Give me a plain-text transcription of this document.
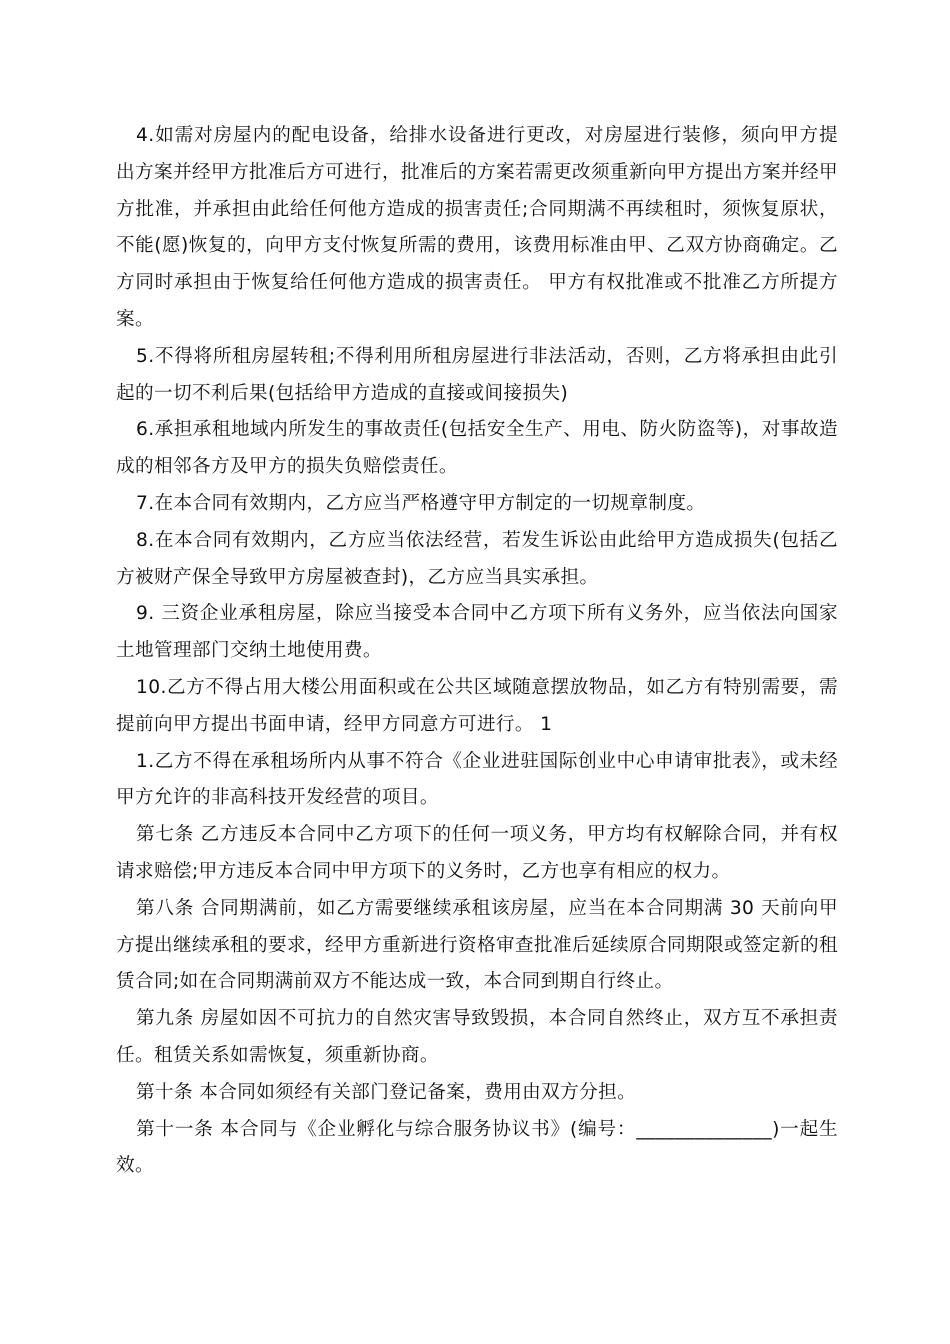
4.如需对房屋内的配电设备，给排水设备进行更改，对房屋进行装修，须向甲方提出方案并经甲方批准后方可进行，批准后的方案若需更改须重新向甲方提出方案并经甲方批准，并承担由此给任何他方造成的损害责任;合同期满不再续租时，须恢复原状，不能(愿)恢复的，向甲方支付恢复所需的费用，该费用标准由甲、乙双方协商确定。乙方同时承担由于恢复给任何他方造成的损害责任。 甲方有权批准或不批准乙方所提方案。

5.不得将所租房屋转租;不得利用所租房屋进行非法活动，否则，乙方将承担由此引起的一切不利后果(包括给甲方造成的直接或间接损失)

6.承担承租地域内所发生的事故责任(包括安全生产、用电、防火防盗等)，对事故造成的相邻各方及甲方的损失负赔偿责任。

7.在本合同有效期内，乙方应当严格遵守甲方制定的一切规章制度。

8.在本合同有效期内，乙方应当依法经营，若发生诉讼由此给甲方造成损失(包括乙方被财产保全导致甲方房屋被查封)，乙方应当具实承担。

9. 三资企业承租房屋，除应当接受本合同中乙方项下所有义务外，应当依法向国家土地管理部门交纳土地使用费。

10.乙方不得占用大楼公用面积或在公共区域随意摆放物品，如乙方有特别需要，需提前向甲方提出书面申请，经甲方同意方可进行。 1

1.乙方不得在承租场所内从事不符合《企业进驻国际创业中心申请审批表》，或未经甲方允许的非高科技开发经营的项目。

第七条 乙方违反本合同中乙方项下的任何一项义务，甲方均有权解除合同，并有权请求赔偿;甲方违反本合同中甲方项下的义务时，乙方也享有相应的权力。

第八条 合同期满前，如乙方需要继续承租该房屋，应当在本合同期满 30 天前向甲方提出继续承租的要求，经甲方重新进行资格审查批准后延续原合同期限或签定新的租赁合同;如在合同期满前双方不能达成一致，本合同到期自行终止。

第九条 房屋如因不可抗力的自然灾害导致毁损，本合同自然终止，双方互不承担责任。租赁关系如需恢复，须重新协商。

第十条 本合同如须经有关部门登记备案，费用由双方分担。

第十一条 本合同与《企业孵化与综合服务协议书》(编号：______________)一起生效。
